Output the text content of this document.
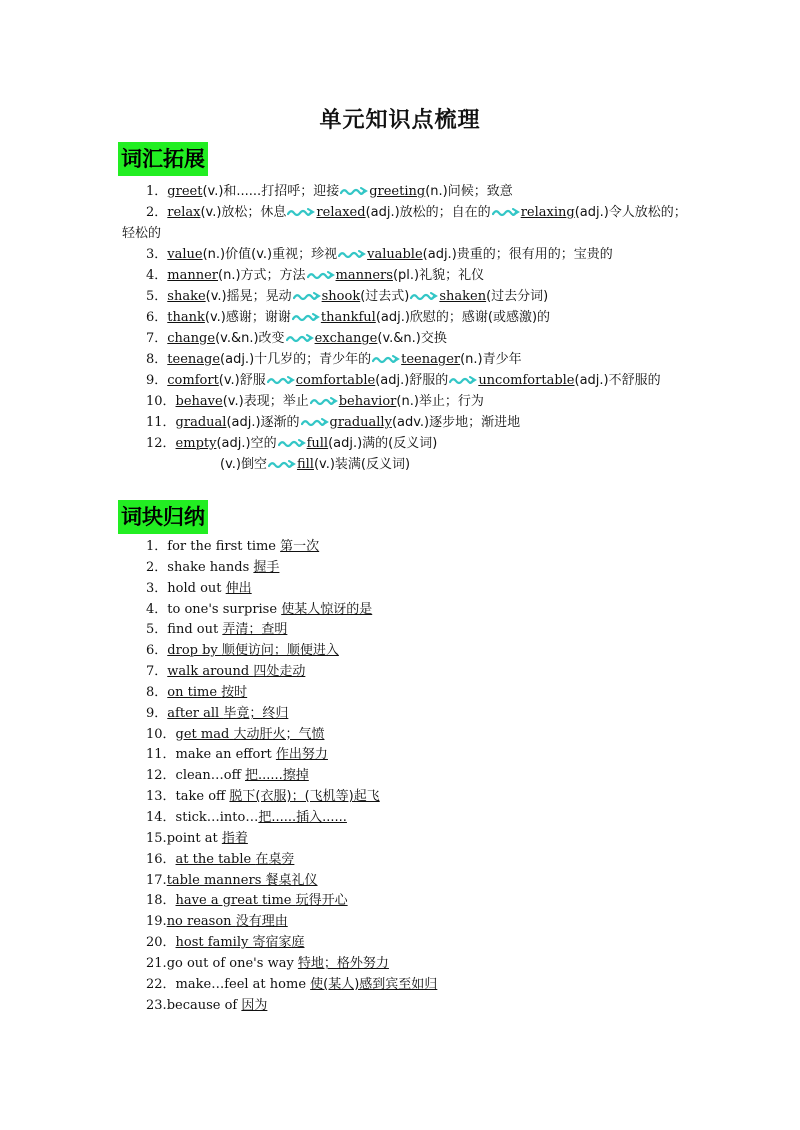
单元知识点梳理
词汇拓展
1．greet(v.)和......打招呼；迎接 greeting(n.)问候；致意
2．relax(v.)放松；休息 relaxed(adj.)放松的；自在的 relaxing(adj.)令人放松的；轻松的
3．value(n.)价值(v.)重视；珍视 valuable(adj.)贵重的；很有用的；宝贵的
4．manner(n.)方式；方法 manners(pl.)礼貌；礼仪
5．shake(v.)摇晃；晃动 shook(过去式) shaken(过去分词)
6．thank(v.)感谢；谢谢 thankful(adj.)欣慰的；感谢(或感激)的
7．change(v.&n.)改变 exchange(v.&n.)交换
8．teenage(adj.)十几岁的；青少年的 teenager(n.)青少年
9．comfort(v.)舒服 comfortable(adj.)舒服的 uncomfortable(adj.)不舒服的
10．behave(v.)表现；举止 behavior(n.)举止；行为
11．gradual(adj.)逐渐的 gradually(adv.)逐步地；渐进地
12．empty(adj.)空的 full(adj.)满的(反义词)
(v.)倒空 fill(v.)装满(反义词)
词块归纳
1．for the first time 第一次
2．shake hands 握手
3．hold out 伸出
4．to one's surprise 使某人惊讶的是
5．find out 弄清；查明
6．drop by 顺便访问；顺便进入
7．walk around 四处走动
8．on time 按时
9．after all 毕竟；终归
10．get mad 大动肝火；气愤
11．make an effort 作出努力
12．clean…off 把......擦掉
13．take off 脱下(衣服)；(飞机等)起飞
14．stick…into…把......插入......
15.point at 指着
16．at the table 在桌旁
17.table manners 餐桌礼仪
18．have a great time 玩得开心
19.no reason 没有理由
20．host family 寄宿家庭
21.go out of one's way 特地；格外努力
22．make…feel at home 使(某人)感到宾至如归
23.because of 因为
